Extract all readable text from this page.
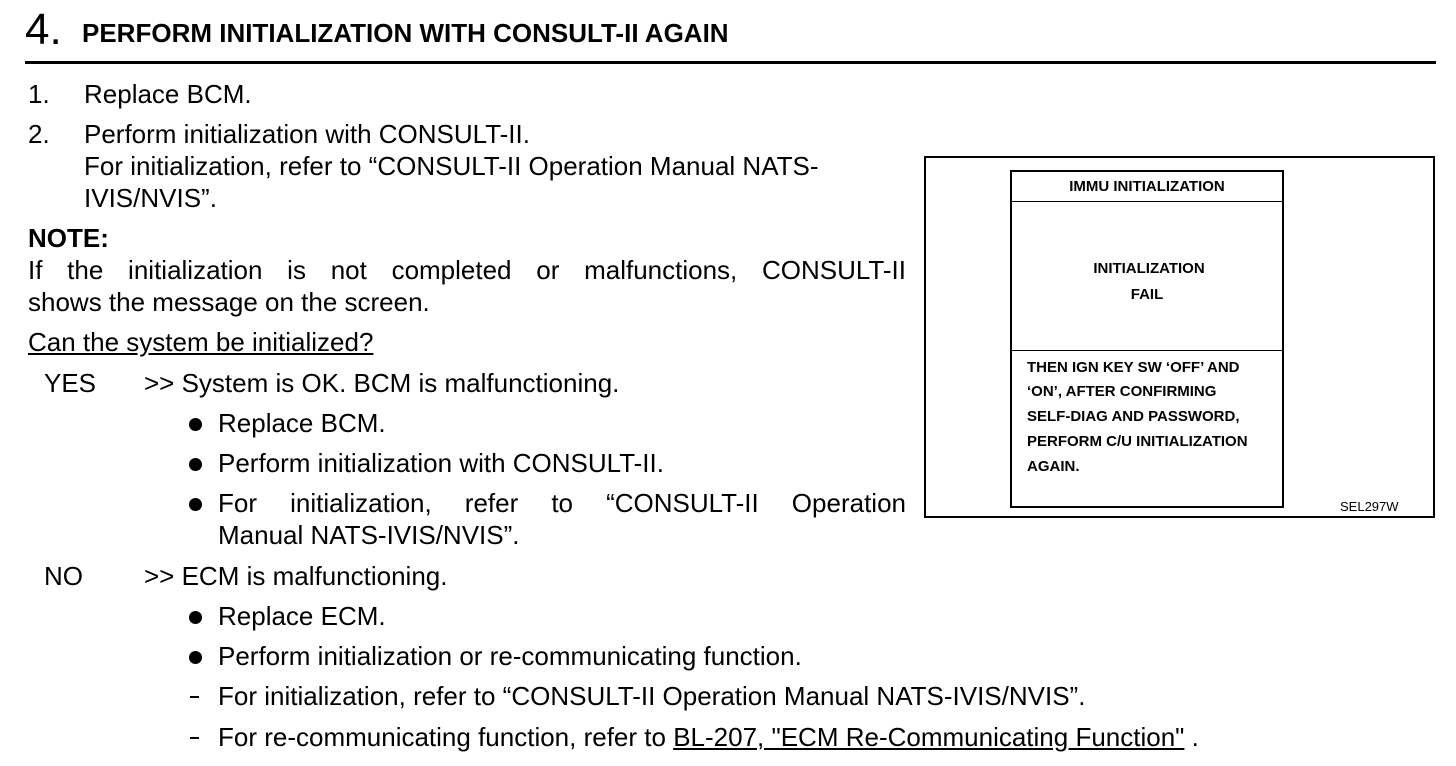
4. PERFORM INITIALIZATION WITH CONSULT-II AGAIN
1. Replace BCM.
2. Perform initialization with CONSULT-II.
For initialization, refer to “CONSULT-II Operation Manual NATS-
IVIS/NVIS”.
NOTE:
If the initialization is not completed or malfunctions, CONSULT-II
shows the message on the screen.
Can the system be initialized?
YES >> System is OK. BCM is malfunctioning.
Replace BCM.
Perform initialization with CONSULT-II.
For initialization, refer to “CONSULT-II Operation
Manual NATS-IVIS/NVIS”.
NO >> ECM is malfunctioning.
Replace ECM.
Perform initialization or re-communicating function.
For initialization, refer to “CONSULT-II Operation Manual NATS-IVIS/NVIS”.
For re-communicating function, refer to BL-207, "ECM Re-Communicating Function" .
IMMU INITIALIZATION
INITIALIZATION
FAIL
THEN IGN KEY SW ‘OFF’ AND
‘ON’, AFTER CONFIRMING
SELF-DIAG AND PASSWORD,
PERFORM C/U INITIALIZATION
AGAIN.
SEL297W
